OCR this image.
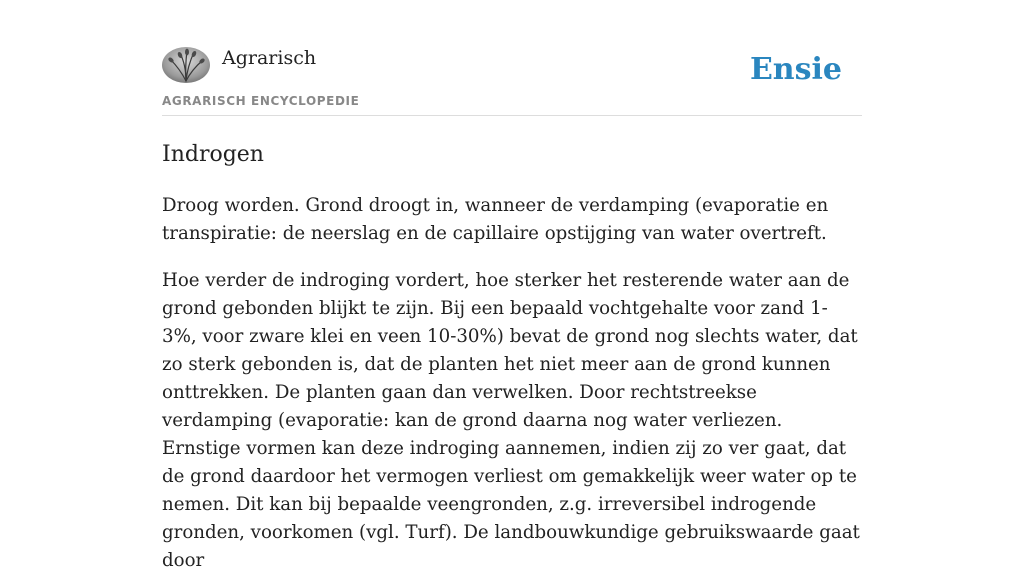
Agrarisch
AGRARISCH ENCYCLOPEDIE
Ensie
Indrogen

Droog worden. Grond droogt in, wanneer de verdamping (evaporatie en transpiratie: de neerslag en de capillaire opstijging van water overtreft.

Hoe verder de indroging vordert, hoe sterker het resterende water aan de grond gebonden blijkt te zijn. Bij een bepaald vochtgehalte voor zand 1- 3%, voor zware klei en veen 10-30%) bevat de grond nog slechts water, dat zo sterk gebonden is, dat de planten het niet meer aan de grond kunnen onttrekken. De planten gaan dan verwelken. Door rechtstreekse verdamping (evaporatie: kan de grond daarna nog water verliezen. Ernstige vormen kan deze indroging aannemen, indien zij zo ver gaat, dat de grond daardoor het vermogen verliest om gemakkelijk weer water op te nemen. Dit kan bij bepaalde veengronden, z.g. irreversibel indrogende gronden, voorkomen (vgl. Turf). De landbouwkundige gebruikswaarde gaat door
